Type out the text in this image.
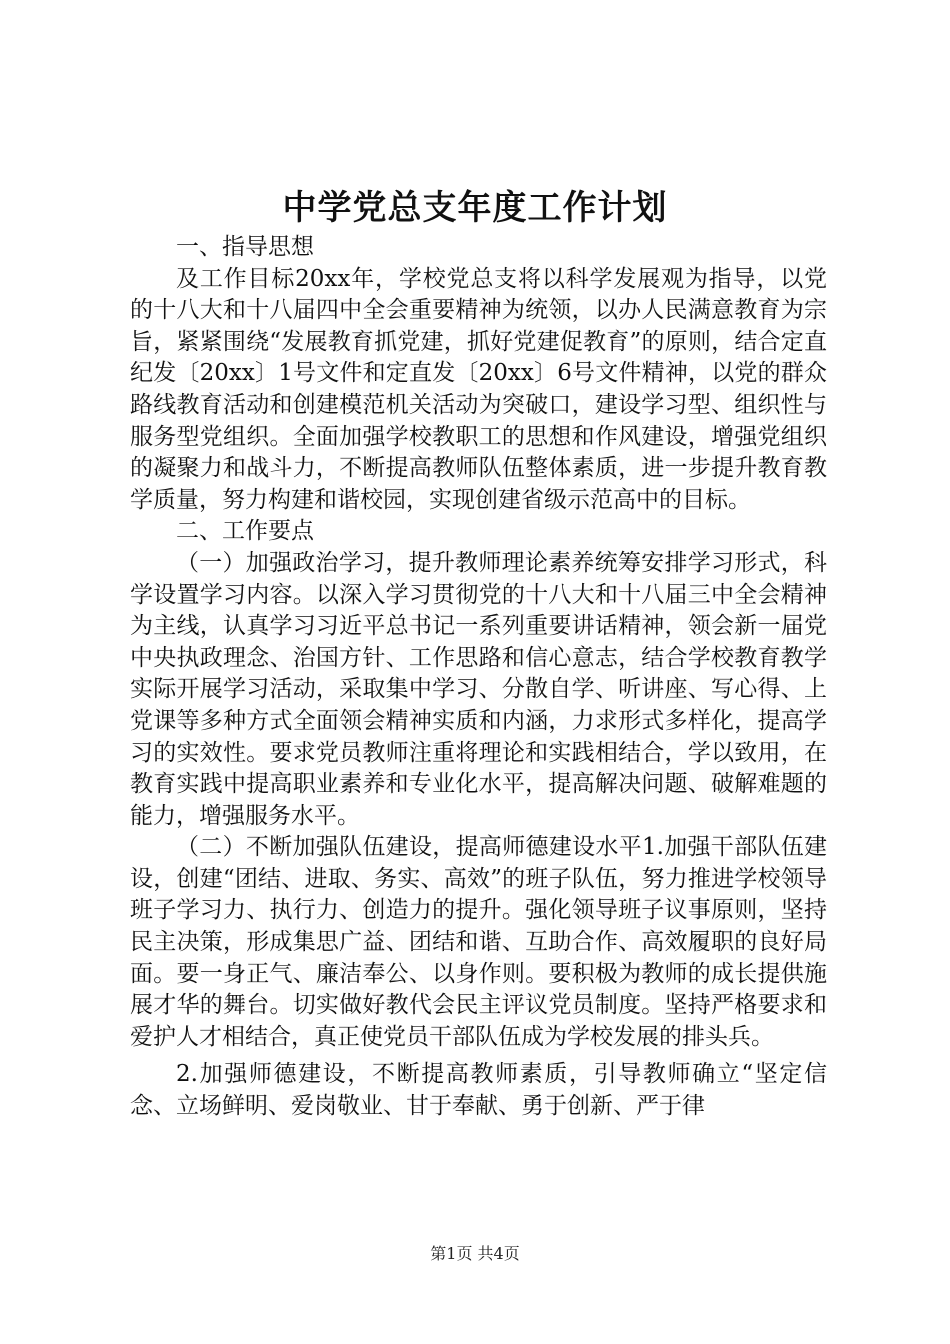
中学党总支年度工作计划

一、指导思想

及工作目标20xx年，学校党总支将以科学发展观为指导，以党的十八大和十八届四中全会重要精神为统领，以办人民满意教育为宗旨，紧紧围绕“发展教育抓党建，抓好党建促教育”的原则，结合定直纪发〔20xx〕1号文件和定直发〔20xx〕6号文件精神，以党的群众路线教育活动和创建模范机关活动为突破口，建设学习型、组织性与服务型党组织。全面加强学校教职工的思想和作风建设，增强党组织的凝聚力和战斗力，不断提高教师队伍整体素质，进一步提升教育教学质量，努力构建和谐校园，实现创建省级示范高中的目标。

二、工作要点

（一）加强政治学习，提升教师理论素养统筹安排学习形式，科学设置学习内容。以深入学习贯彻党的十八大和十八届三中全会精神为主线，认真学习习近平总书记一系列重要讲话精神，领会新一届党中央执政理念、治国方针、工作思路和信心意志，结合学校教育教学实际开展学习活动，采取集中学习、分散自学、听讲座、写心得、上党课等多种方式全面领会精神实质和内涵，力求形式多样化，提高学习的实效性。要求党员教师注重将理论和实践相结合，学以致用，在教育实践中提高职业素养和专业化水平，提高解决问题、破解难题的能力，增强服务水平。

（二）不断加强队伍建设，提高师德建设水平1.加强干部队伍建设，创建“团结、进取、务实、高效”的班子队伍，努力推进学校领导班子学习力、执行力、创造力的提升。强化领导班子议事原则，坚持民主决策，形成集思广益、团结和谐、互助合作、高效履职的良好局面。要一身正气、廉洁奉公、以身作则。要积极为教师的成长提供施展才华的舞台。切实做好教代会民主评议党员制度。坚持严格要求和爱护人才相结合，真正使党员干部队伍成为学校发展的排头兵。

2.加强师德建设，不断提高教师素质，引导教师确立“坚定信念、立场鲜明、爱岗敬业、甘于奉献、勇于创新、严于律

第1页 共4页
